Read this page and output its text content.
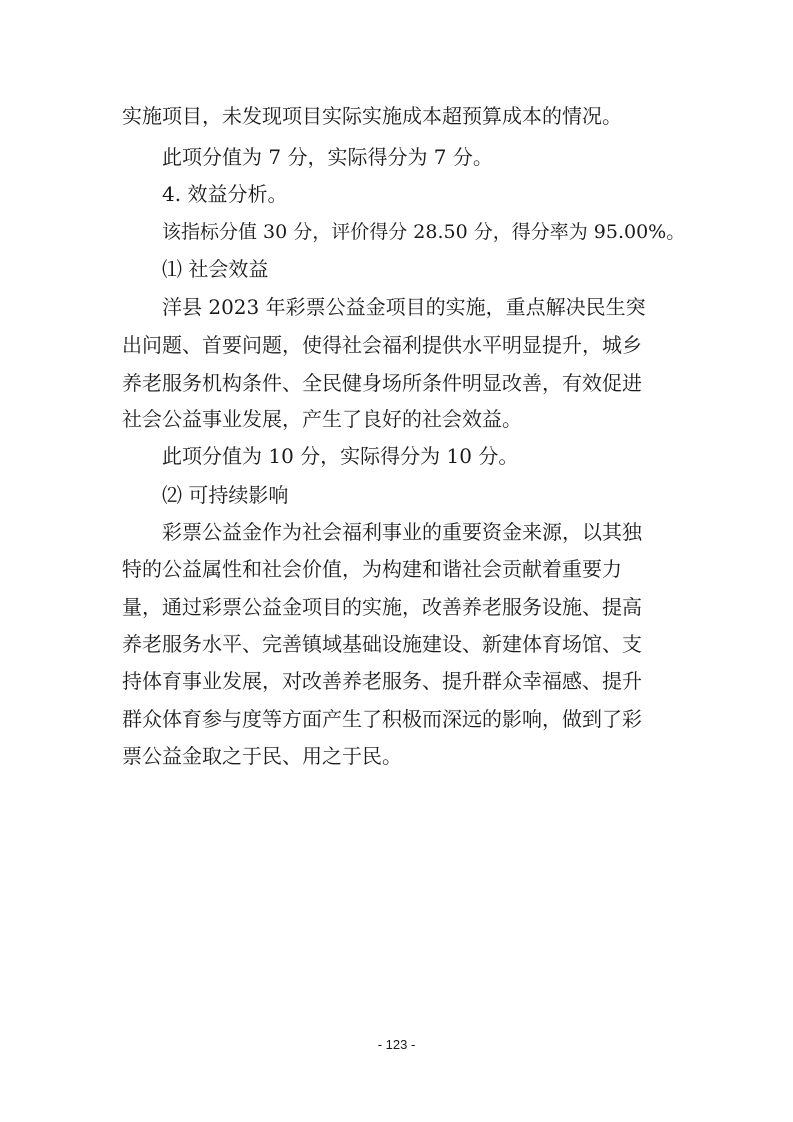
实施项目，未发现项目实际实施成本超预算成本的情况。
此项分值为 7 分，实际得分为 7 分。
4. 效益分析。
该指标分值 30 分，评价得分 28.50 分，得分率为 95.00%。
⑴ 社会效益
洋县 2023 年彩票公益金项目的实施，重点解决民生突
出问题、首要问题，使得社会福利提供水平明显提升，城乡
养老服务机构条件、全民健身场所条件明显改善，有效促进
社会公益事业发展，产生了良好的社会效益。
此项分值为 10 分，实际得分为 10 分。
⑵ 可持续影响
彩票公益金作为社会福利事业的重要资金来源，以其独
特的公益属性和社会价值，为构建和谐社会贡献着重要力
量，通过彩票公益金项目的实施，改善养老服务设施、提高
养老服务水平、完善镇域基础设施建设、新建体育场馆、支
持体育事业发展，对改善养老服务、提升群众幸福感、提升
群众体育参与度等方面产生了积极而深远的影响，做到了彩
票公益金取之于民、用之于民。
- 123 -
